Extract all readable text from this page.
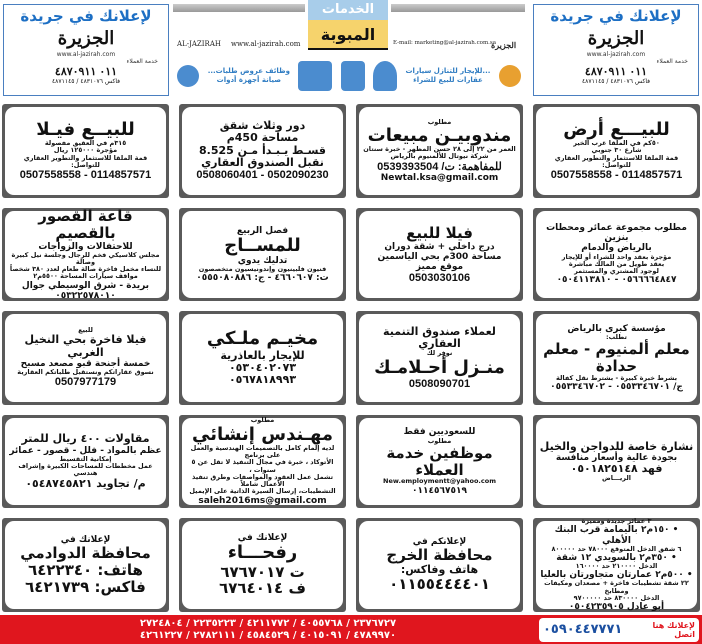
لإعلانك في جريدة
الجزيرة
www.al-jazirah.com
خدمة العملاء
٠١١ ٤٨٧٠٩١١
فاكس ٤٨٣١٠٧٦ / ٤٨٧١١٤٥
الخدمات
المبوبة
AL-JAZIRAH www.al-jazirah.com	E-mail: marketing@al-jazirah.com.sa
الجزيرة
...للإيجار للتنازل سيارات
عقارات للبيع للشراء
وظائف عروض طلبات...
صيانة أجهزة أدوات
لإعلانك في جريدة
الجزيرة
www.al-jazirah.com
خدمة العملاء
٠١١ ٤٨٧٠٩١١
فاكس ٤٨٣١٠٧٦ / ٤٨٧١١٤٥
للبيـــع أرض
٥٠كم في الملقا غرب الخير
شارع ٣٠ جنوبي
قمة الملقا للاستثمار والتطوير العقاري
للتواصل:
0114857571 - 0507558558
مطلوب
مندوبيـن مبيعات
العمر من ٢٢ إلى ٢٨ حسن المظهر - خبرة سنتان
شركة نيوتال للألمنيوم بالرياض
للمفاهمة: ت/ 0539393504
Newtal.ksa@gmail.com
دور وثلاث شقق
مساحة 450م
قسـط يـبـدأ مـن 8.525
نقبل الصندوق العقاري
0502090230 - 0508060401
للبيــع فيـلا
٣١٥م في العقيق مفصولة
مؤجرة ١٢٥٠٠٠ ريال
قمة الملقا للاستثمار والتطوير العقاري
للتواصل:
0114857571 - 0507558558
مطلوب مجموعة عمائر ومحطات بنزين
بالرياض والدمام
مؤجرة بعقد واحد للشراء أو للإيجار
بعقد طويل من المالك مباشرة
لوجود المشتري والمستثمر
٠٥٦٦٦٦٤٨٤٧ - ٠٥٠٤١١٣٨١٠
فيلا للبيع
درج داخلي + شقة دوران
مساحة 300م بحي الياسمين
موقع مميز
0503030106
فصل الربيع
للمســاج
تدليك يدوي
فنيون فلبينيون وإندونيسيون متخصصون
ت: ٤٦٦٠٦٠٧ - ج: ٠٥٥٥٠٨٠٨٨٦
قاعة القصور بالقصيم
للاحتفالات والزواجات
مجلس كلاسيكي فخم للرجال وجلسة نيل كبيرة وصالة
للنساء مخمل فاخرة صالة طعام لعدد ٣٨٠ شخصاً
مواقف سيارات المساحة ٥٥٠٠م٢
بريدة - شرق الوسيطي جوال ٠٥٣٢٢٥٧٨٠١٠
مؤسسة كبرى بالرياض
تطلب:
معلم ألمنيوم - معلم حدادة
بشرط خبرة كبيرة - بشترط نقل كفالة
ج/ ٠٥٥٣٣٤٦٧٠١ - ٠٥٥٣٣٤٦٧٠٢
لعملاء صندوق التنمية العقاري
نوفر لك
منـزل أحـلامـك
0508090701
مخيـم ملـكي
للإيجار بالعاذرية
٠٥٣٠٤٠٢٠٧٣
٠٥٦٧٨١٨٩٩٣
للبيع
فيلا فاخرة بحي النخيل الغربي
خمسة أجنحة قبو مصعد مسبح
نسوق عقاراتكم ونستقبل طلباتكم العقارية
0507977179
نشارة خاصة للدواجن والخيل
بجودة عالية وأسعار منافسة
فهد ٠٥٠١٨٢٥١٤٨
الريـــاض
للسعوديين فقط
مطلوب
موظفين خدمة العملاء
New.employmentt@yahoo.com
٠١١٤٥٦٧٥١٩
مطلوب
مهـندس إنشائي
لديه إلمام كامل بالتصميمات الهندسية والعمل على برنامج
الأتوكاد ، خبرة في مجال التنفيذ لا تقل عن ٥ سنوات ،
تشمل عمل العقود والمواصفات وطرق تنفيذ الأعمال شاملاً
التشطيبات، إرسال السيرة الذاتية على الإيميل
saleh2016ms@gmail.com
مقاولات ٤٠٠ ريال للمتر
عظم بالمواد - فلل - قصور - عمائر
إمكانية التقسيط
عمل مخططات للمساحات الكبيرة وإشراف هندسي
م/ تجاويد ٠٥٤٨٧٤٥٨٢١
٣ عمائر جديدة ومميزة
• ١٥٠م٢ باليمامة قرب البنك الأهلي
٦ شقق الدخل المتوقع ٧٨٠٠٠ حد ٨٠٠٠٠٠
• ٣٥٠م٢ بالسويدي ١٢ شقة
الدخل ٢١٠٠٠٠ حد ١٦٠٠٠٠
• ٥٠٠م٢ عمارتان متجاورتان بالعليا
٢٢ شقة تشطيبات فاخرة + مصعدان ومكيفات ومطابخ
الدخل ٨٣٠٠٠٠ حد ٩٧٠٠٠٠٠
أبو عادل ٠٥٠٤٢٣٥٩٠٥
لإعلانكم في
محافظة الخرج
هاتف وفاكس:
٠١١٥٥٤٤٤٤٠١
لإعلانك في
رفحـــاء
ت ٦٧٦٧٠١٧
ف ٦٧٦٤٠١٤
لإعلانك في
محافظة الدوادمي
هاتف: ٦٤٢٢٣٤٠
فاكس: ٦٤٢١٧٣٩
لإعلانك هنا
اتصل
٠٥٩٠٤٤٧٧٧١
٢٣٧٦٧٢٧ / ٤٠٥٥٧٦٨ / ٤٢١١٧٧٢ / ٢٢٣٥٢٢٣ / ٢٧٢٤٨٠٤
٤٧٨٩٩٧٠ / ٤٠١٥٠٩١ / ٤٥٨٤٥٢٩ / ٢٧٨٢١١١ / ٤٢٦١٢٢٧
